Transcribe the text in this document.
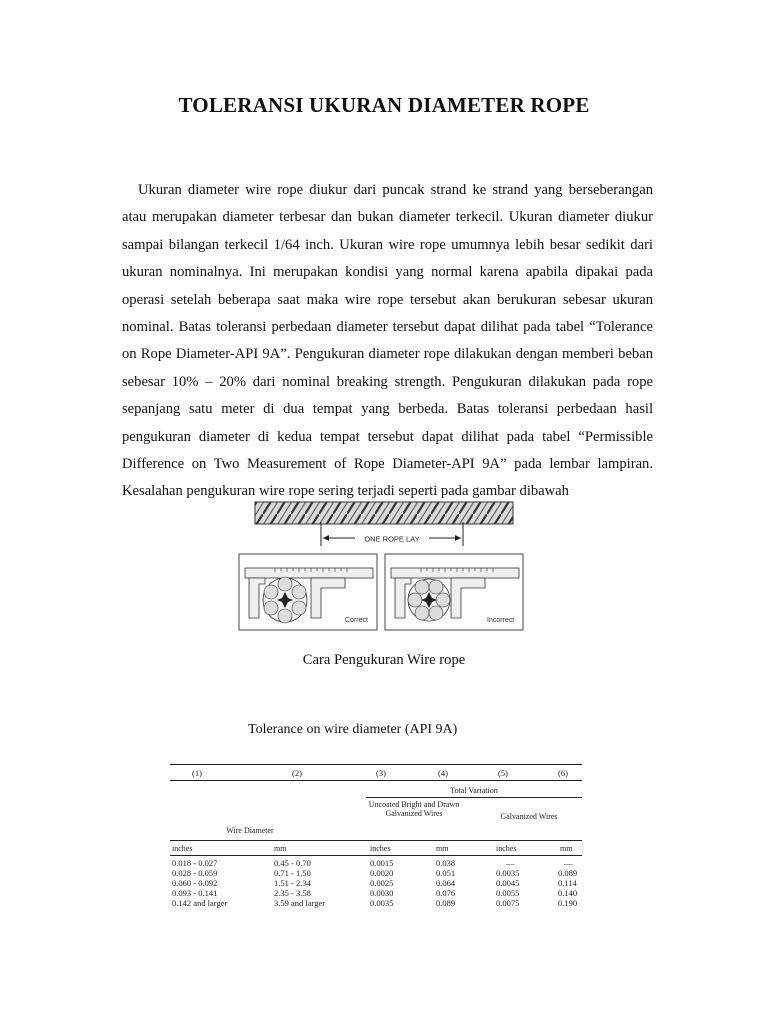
TOLERANSI UKURAN DIAMETER ROPE
Ukuran diameter wire rope diukur dari puncak strand ke strand yang berseberangan atau merupakan diameter terbesar dan bukan diameter terkecil. Ukuran diameter diukur sampai bilangan terkecil 1/64 inch. Ukuran wire rope umumnya lebih besar sedikit dari ukuran nominalnya. Ini merupakan kondisi yang normal karena apabila dipakai pada operasi setelah beberapa saat maka wire rope tersebut akan berukuran sebesar ukuran nominal. Batas toleransi perbedaan diameter tersebut dapat dilihat pada tabel “Tolerance on Rope Diameter-API 9A”. Pengukuran diameter rope dilakukan dengan memberi beban sebesar 10% – 20% dari nominal breaking strength. Pengukuran dilakukan pada rope sepanjang satu meter di dua tempat yang berbeda. Batas toleransi perbedaan hasil pengukuran diameter di kedua tempat tersebut dapat dilihat pada tabel “Permissible Difference on Two Measurement of Rope Diameter-API 9A” pada lembar lampiran. Kesalahan pengukuran wire rope sering terjadi seperti pada gambar dibawah
ONE ROPE LAY
Correct	Incorrect
Cara Pengukuran Wire rope
Tolerance on wire diameter (API 9A)
(1)	(2)	(3)	(4)	(5)	(6)
Total Variation
Uncoated Bright and Drawn Galvanized Wires	Galvanized Wires
Wire Diameter
inches	mm	inches	mm	inches	mm
0.018 - 0.027	0.45 - 0.70	0.0015	0.038	—	—
0.028 - 0.059	0.71 - 1.50	0.0020	0.051	0.0035	0.089
0.060 - 0.092	1.51 - 2.34	0.0025	0.064	0.0045	0.114
0.093 - 0.141	2.35 - 3.58	0.0030	0.076	0.0055	0.140
0.142 and larger	3.59 and larger	0.0035	0.089	0.0075	0.190
